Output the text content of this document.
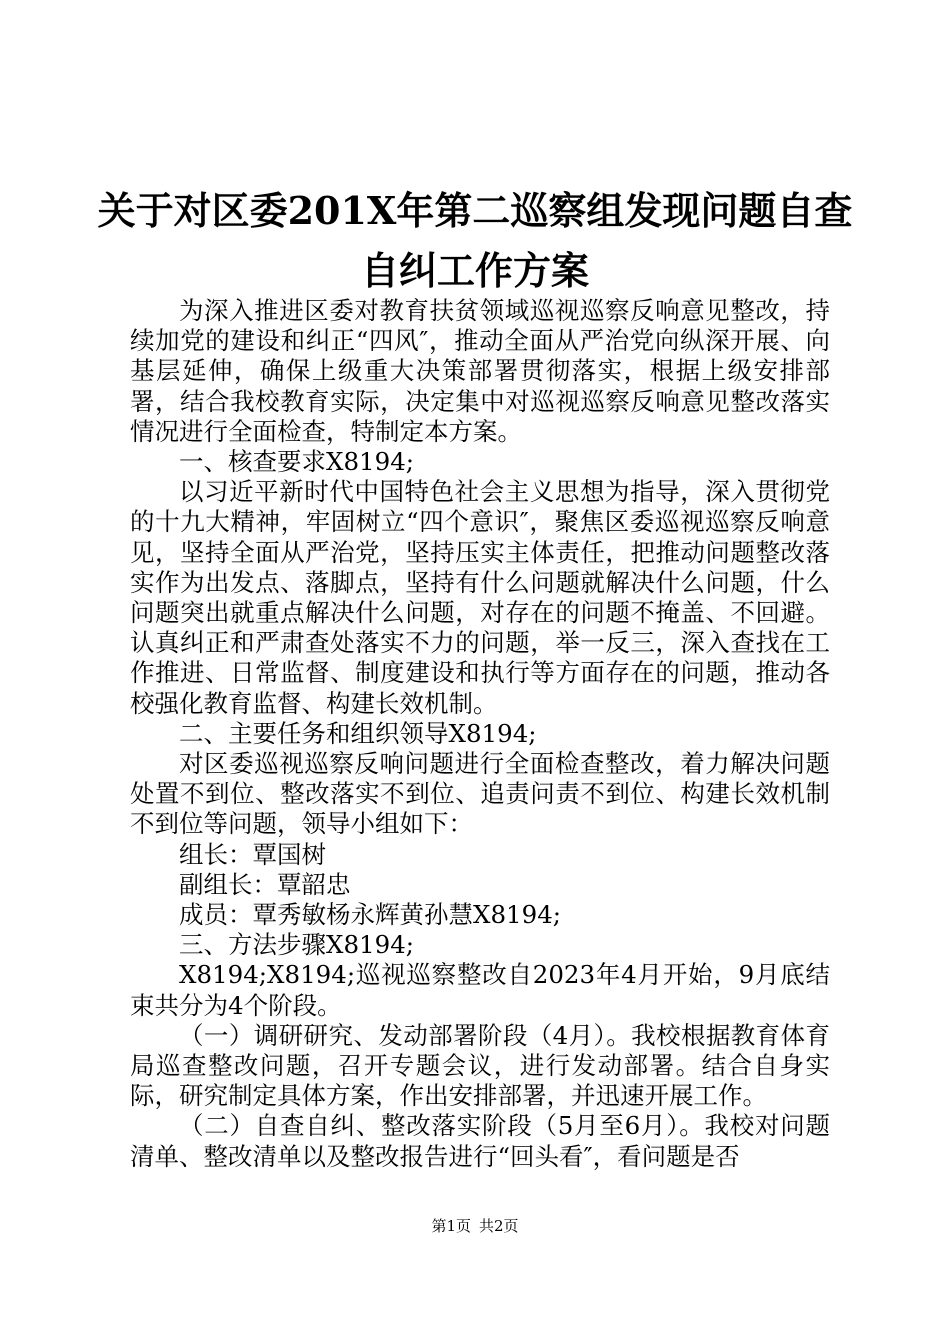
关于对区委201X年第二巡察组发现问题自查
自纠工作方案

为深入推进区委对教育扶贫领域巡视巡察反响意见整改，持续加党的建设和纠正“四风″，推动全面从严治党向纵深开展、向基层延伸，确保上级重大决策部署贯彻落实，根据上级安排部署，结合我校教育实际，决定集中对巡视巡察反响意见整改落实情况进行全面检查，特制定本方案。

一、核查要求X8194;

以习近平新时代中国特色社会主义思想为指导，深入贯彻党的十九大精神，牢固树立“四个意识″，聚焦区委巡视巡察反响意见，坚持全面从严治党，坚持压实主体责任，把推动问题整改落实作为出发点、落脚点，坚持有什么问题就解决什么问题，什么问题突出就重点解决什么问题，对存在的问题不掩盖、不回避。认真纠正和严肃查处落实不力的问题，举一反三，深入查找在工作推进、日常监督、制度建设和执行等方面存在的问题，推动各校强化教育监督、构建长效机制。

二、主要任务和组织领导X8194;

对区委巡视巡察反响问题进行全面检查整改，着力解决问题处置不到位、整改落实不到位、追责问责不到位、构建长效机制不到位等问题，领导小组如下：

组长：覃国树

副组长：覃韶忠

成员：覃秀敏杨永辉黄孙慧X8194;

三、方法步骤X8194;

X8194;X8194;巡视巡察整改自2023年4月开始，9月底结束共分为4个阶段。

（一）调研研究、发动部署阶段（4月）。我校根据教育体育局巡查整改问题，召开专题会议，进行发动部署。结合自身实际，研究制定具体方案，作出安排部署，并迅速开展工作。

（二）自查自纠、整改落实阶段（5月至6月）。我校对问题清单、整改清单以及整改报告进行“回头看″，看问题是否

第1页 共2页
